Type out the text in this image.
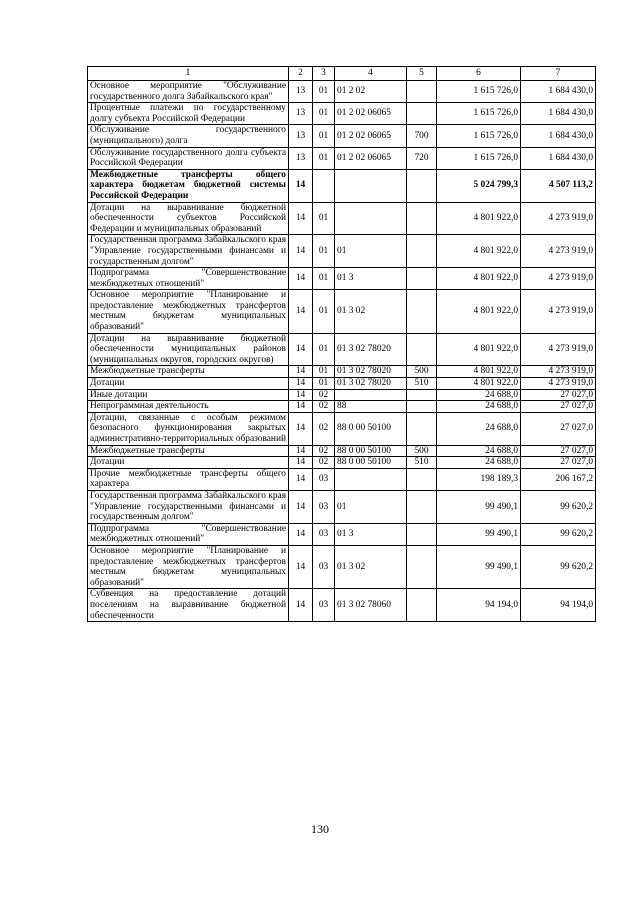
1	2	3	4	5	6	7
Основное мероприятие "Обслуживание государственного долга Забайкальского края"	13	01	01 2 02		1 615 726,0	1 684 430,0
Процентные платежи по государственному долгу субъекта Российской Федерации	13	01	01 2 02 06065		1 615 726,0	1 684 430,0
Обслуживание государственного (муниципального) долга	13	01	01 2 02 06065	700	1 615 726,0	1 684 430,0
Обслуживание государственного долга субъекта Российской Федерации	13	01	01 2 02 06065	720	1 615 726,0	1 684 430,0
Межбюджетные трансферты общего характера бюджетам бюджетной системы Российской Федерации	14				5 024 799,3	4 507 113,2
Дотации на выравнивание бюджетной обеспеченности субъектов Российской Федерации и муниципальных образований	14	01			4 801 922,0	4 273 919,0
Государственная программа Забайкальского края "Управление государственными финансами и государственным долгом"	14	01	01		4 801 922,0	4 273 919,0
Подпрограмма "Совершенствование межбюджетных отношений"	14	01	01 3		4 801 922,0	4 273 919,0
Основное мероприятие "Планирование и предоставление межбюджетных трансфертов местным бюджетам муниципальных образований"	14	01	01 3 02		4 801 922,0	4 273 919,0
Дотации на выравнивание бюджетной обеспеченности муниципальных районов (муниципальных округов, городских округов)	14	01	01 3 02 78020		4 801 922,0	4 273 919,0
Межбюджетные трансферты	14	01	01 3 02 78020	500	4 801 922,0	4 273 919,0
Дотации	14	01	01 3 02 78020	510	4 801 922,0	4 273 919,0
Иные дотации	14	02			24 688,0	27 027,0
Непрограммная деятельность	14	02	88		24 688,0	27 027,0
Дотации, связанные с особым режимом безопасного функционирования закрытых административно-территориальных образований	14	02	88 0 00 50100		24 688,0	27 027,0
Межбюджетные трансферты	14	02	88 0 00 50100	500	24 688,0	27 027,0
Дотации	14	02	88 0 00 50100	510	24 688,0	27 027,0
Прочие межбюджетные трансферты общего характера	14	03			198 189,3	206 167,2
Государственная программа Забайкальского края "Управление государственными финансами и государственным долгом"	14	03	01		99 490,1	99 620,2
Подпрограмма "Совершенствование межбюджетных отношений"	14	03	01 3		99 490,1	99 620,2
Основное мероприятие "Планирование и предоставление межбюджетных трансфертов местным бюджетам муниципальных образований"	14	03	01 3 02		99 490,1	99 620,2
Субвенция на предоставление дотаций поселениям на выравнивание бюджетной обеспеченности	14	03	01 3 02 78060		94 194,0	94 194,0
130
